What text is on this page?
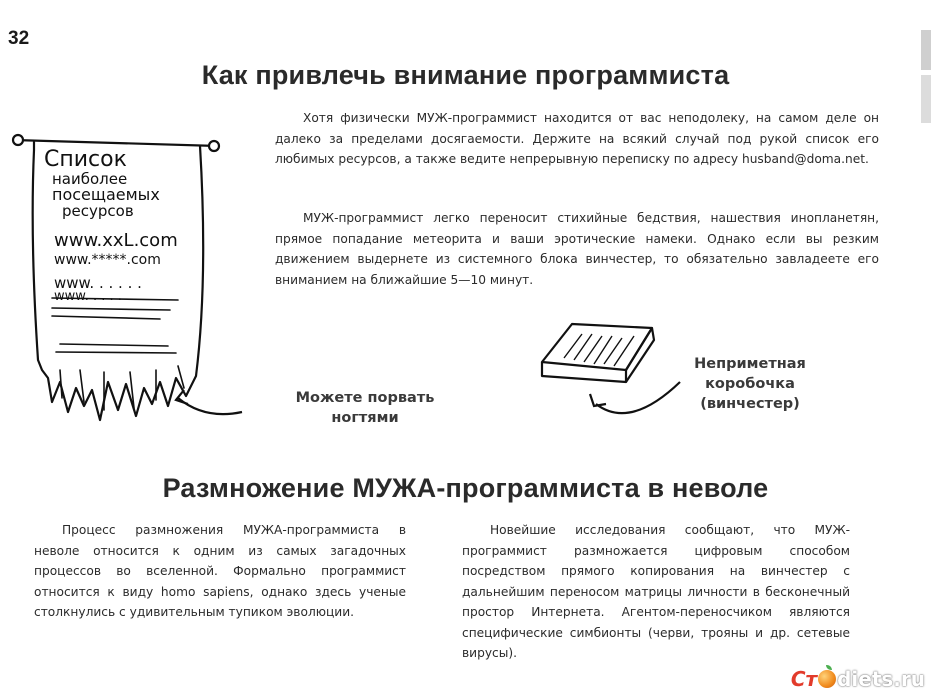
32
Как привлечь внимание программиста

Хотя физически МУЖ-программист находится от вас неподолеку, на самом деле он далеко за пределами досягаемости. Держите на всякий случай под рукой список его любимых ресурсов, а также ведите непрерывную переписку по адресу husband@doma.net.

МУЖ-программист легко переносит стихийные бедствия, нашествия инопланетян, прямое попадание метеорита и ваши эротические намеки. Однако если вы резким движением выдернете из системного блока винчестер, то обязательно завладеете его вниманием на ближайшие 5—10 минут.

Список
наиболее
посещаемых
ресурсов
www.xxL.com
www.*****.com
www. . . . . .
www. . . . .
Можете порвать
ногтями
Неприметная
коробочка
(винчестер)
Размножение МУЖА-программиста в неволе

Процесс размножения МУЖА-программиста в неволе относится к одним из самых загадочных процессов во вселенной. Формально программист относится к виду homo sapiens, однако здесь ученые столкнулись с удивительным тупиком эволюции.

Новейшие исследования сообщают, что МУЖ-программист размножается цифровым способом посредством прямого копирования на винчестер с дальнейшим переносом матрицы личности в бесконечный простор Интернета. Агентом-переносчиком являются специфические симбионты (черви, трояны и др. сетевые вирусы).

Ст diets.ru
